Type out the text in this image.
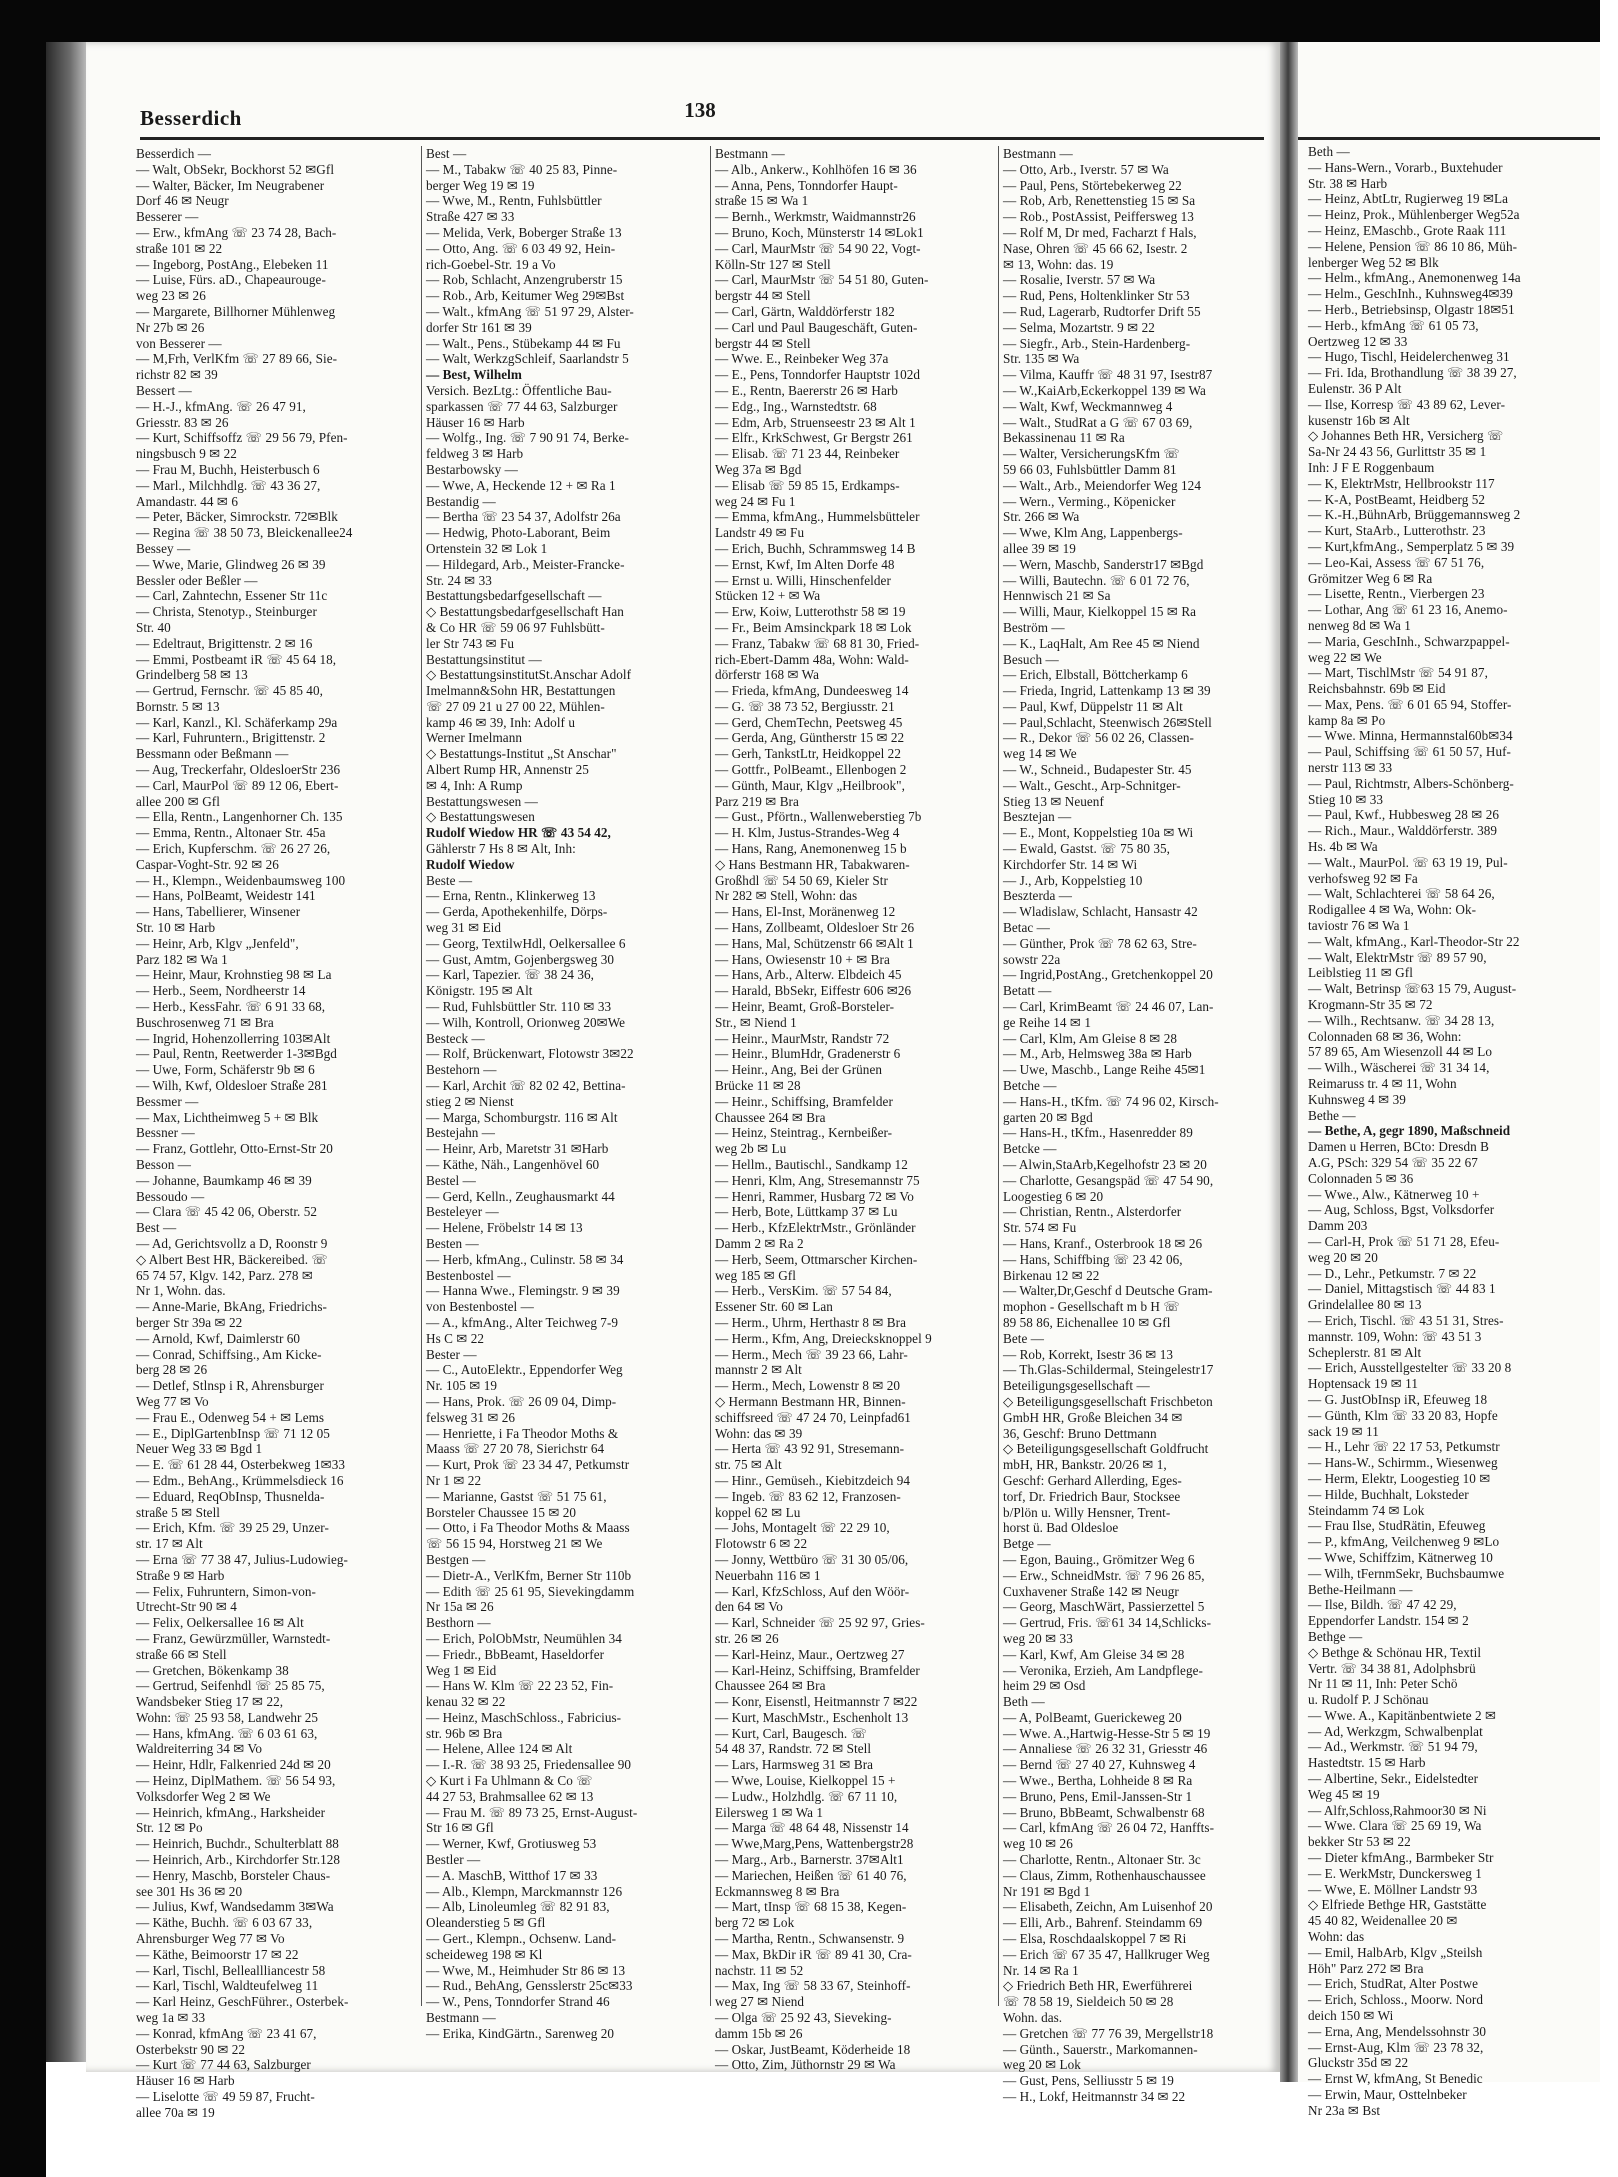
Beth —
— Hans-Wern., Vorarb., Buxtehuder
Str. 38 ✉ Harb
— Heinz, AbtLtr, Rugierweg 19 ✉La
— Heinz, Prok., Mühlenberger Weg52a
— Heinz, EMaschb., Grote Raak 111
— Helene, Pension ☏ 86 10 86, Müh-
lenberger Weg 52 ✉ Blk
— Helm., kfmAng., Anemonenweg 14a
— Helm., GeschInh., Kuhnsweg4✉39
— Herb., Betriebsinsp, Olgastr 18✉51
— Herb., kfmAng ☏ 61 05 73,
Oertzweg 12 ✉ 33
— Hugo, Tischl, Heidelerchenweg 31
— Fri. Ida, Brothandlung ☏ 38 39 27,
Eulenstr. 36 P Alt
— Ilse, Korresp ☏ 43 89 62, Lever-
kusenstr 16b ✉ Alt
◇ Johannes Beth HR, Versicherg ☏
Sa-Nr 24 43 56, Gurlittstr 35 ✉ 1
Inh: J F E Roggenbaum
— K, ElektrMstr, Hellbrookstr 117
— K-A, PostBeamt, Heidberg 52
— K.-H.,BühnArb, Brüggemannsweg 2
— Kurt, StaArb., Lutterothstr. 23
— Kurt,kfmAng., Semperplatz 5 ✉ 39
— Leo-Kai, Assess ☏ 67 51 76,
Grömitzer Weg 6 ✉ Ra
— Lisette, Rentn., Vierbergen 23
— Lothar, Ang ☏ 61 23 16, Anemo-
nenweg 8d ✉ Wa 1
— Maria, GeschInh., Schwarzpappel-
weg 22 ✉ We
— Mart, TischlMstr ☏ 54 91 87,
Reichsbahnstr. 69b ✉ Eid
— Max, Pens. ☏ 6 01 65 94, Stoffer-
kamp 8a ✉ Po
— Wwe. Minna, Hermannstal60b✉34
— Paul, Schiffsing ☏ 61 50 57, Huf-
nerstr 113 ✉ 33
— Paul, Richtmstr, Albers-Schönberg-
Stieg 10 ✉ 33
— Paul, Kwf., Hubbesweg 28 ✉ 26
— Rich., Maur., Walddörferstr. 389
Hs. 4b ✉ Wa
— Walt., MaurPol. ☏ 63 19 19, Pul-
verhofsweg 92 ✉ Fa
— Walt, Schlachterei ☏ 58 64 26,
Rodigallee 4 ✉ Wa, Wohn: Ok-
taviostr 76 ✉ Wa 1
— Walt, kfmAng., Karl-Theodor-Str 22
— Walt, ElektrMstr ☏ 89 57 90,
Leiblstieg 11 ✉ Gfl
— Walt, Betrinsp ☏63 15 79, August-
Krogmann-Str 35 ✉ 72
— Wilh., Rechtsanw. ☏ 34 28 13,
Colonnaden 68 ✉ 36, Wohn:
57 89 65, Am Wiesenzoll 44 ✉ Lo
— Wilh., Wäscherei ☏ 31 34 14,
Reimaruss tr. 4 ✉ 11, Wohn
Kuhnsweg 4 ✉ 39
Bethe —
— Bethe, A, gegr 1890, Maßschneid
Damen u Herren, BCto: Dresdn B
A.G, PSch: 329 54 ☏ 35 22 67
Colonnaden 5 ✉ 36
— Wwe., Alw., Kätnerweg 10 +
— Aug, Schloss, Bgst, Volksdorfer
Damm 203
— Carl-H, Prok ☏ 51 71 28, Efeu-
weg 20 ✉ 20
— D., Lehr., Petkumstr. 7 ✉ 22
— Daniel, Mittagstisch ☏ 44 83 1
Grindelallee 80 ✉ 13
— Erich, Tischl. ☏ 43 51 31, Stres-
mannstr. 109, Wohn: ☏ 43 51 3
Scheplerstr. 81 ✉ Alt
— Erich, Ausstellgestelter ☏ 33 20 8
Hoptensack 19 ✉ 11
— G. JustObInsp iR, Efeuweg 18
— Günth, Klm ☏ 33 20 83, Hopfe
sack 19 ✉ 11
— H., Lehr ☏ 22 17 53, Petkumstr
— Hans-W., Schirmm., Wiesenweg
— Herm, Elektr, Loogestieg 10 ✉
— Hilde, Buchhalt, Loksteder
Steindamm 74 ✉ Lok
— Frau Ilse, StudRätin, Efeuweg
— P., kfmAng, Veilchenweg 9 ✉Lo
— Wwe, Schiffzim, Kätnerweg 10
— Wilh, tFernmSekr, Buchsbaumwe
Bethe-Heilmann —
— Ilse, Bildh. ☏ 47 42 29,
Eppendorfer Landstr. 154 ✉ 2
Bethge —
◇ Bethge & Schönau HR, Textil
Vertr. ☏ 34 38 81, Adolphsbrü
Nr 11 ✉ 11, Inh: Peter Schö
u. Rudolf P. J Schönau
— Wwe. A., Kapitänbentwiete 2 ✉
— Ad, Werkzgm, Schwalbenplat
— Ad., Werkmstr. ☏ 51 94 79,
Hastedtstr. 15 ✉ Harb
— Albertine, Sekr., Eidelstedter
Weg 45 ✉ 19
— Alfr,Schloss,Rahmoor30 ✉ Ni
— Wwe. Clara ☏ 25 69 19, Wa
bekker Str 53 ✉ 22
— Dieter kfmAng., Barmbeker Str
— E. WerkMstr, Dunckersweg 1
— Wwe, E. Möllner Landstr 93
◇ Elfriede Bethge HR, Gaststätte
45 40 82, Weidenallee 20 ✉
Wohn: das
— Emil, HalbArb, Klgv „Steilsh
Höh" Parz 272 ✉ Bra
— Erich, StudRat, Alter Postwe
— Erich, Schloss., Moorw. Nord
deich 150 ✉ Wi
— Erna, Ang, Mendelssohnstr 30
— Ernst-Aug, Klm ☏ 23 78 32,
Gluckstr 35d ✉ 22
— Ernst W, kfmAng, St Benedic
— Erwin, Maur, Osttelnbeker
Nr 23a ✉ Bst
Besserdich	138
Besserdich —
— Walt, ObSekr, Bockhorst 52 ✉Gfl
— Walter, Bäcker, Im Neugrabener
Dorf 46 ✉ Neugr
Besserer —
— Erw., kfmAng ☏ 23 74 28, Bach-
straße 101 ✉ 22
— Ingeborg, PostAng., Elebeken 11
— Luise, Fürs. aD., Chapeaurouge-
weg 23 ✉ 26
— Margarete, Billhorner Mühlenweg
Nr 27b ✉ 26
von Besserer —
— M,Frh, VerlKfm ☏ 27 89 66, Sie-
richstr 82 ✉ 39
Bessert —
— H.-J., kfmAng. ☏ 26 47 91,
Griesstr. 83 ✉ 26
— Kurt, Schiffsoffz ☏ 29 56 79, Pfen-
ningsbusch 9 ✉ 22
— Frau M, Buchh, Heisterbusch 6
— Marl., Milchhdlg. ☏ 43 36 27,
Amandastr. 44 ✉ 6
— Peter, Bäcker, Simrockstr. 72✉Blk
— Regina ☏ 38 50 73, Bleickenallee24
Bessey —
— Wwe, Marie, Glindweg 26 ✉ 39
Bessler oder Beßler —
— Carl, Zahntechn, Essener Str 11c
— Christa, Stenotyp., Steinburger
Str. 40
— Edeltraut, Brigittenstr. 2 ✉ 16
— Emmi, Postbeamt iR ☏ 45 64 18,
Grindelberg 58 ✉ 13
— Gertrud, Fernschr. ☏ 45 85 40,
Bornstr. 5 ✉ 13
— Karl, Kanzl., Kl. Schäferkamp 29a
— Karl, Fuhruntern., Brigittenstr. 2
Bessmann oder Beßmann —
— Aug, Treckerfahr, OldesloerStr 236
— Carl, MaurPol ☏ 89 12 06, Ebert-
allee 200 ✉ Gfl
— Ella, Rentn., Langenhorner Ch. 135
— Emma, Rentn., Altonaer Str. 45a
— Erich, Kupferschm. ☏ 26 27 26,
Caspar-Voght-Str. 92 ✉ 26
— H., Klempn., Weidenbaumsweg 100
— Hans, PolBeamt, Weidestr 141
— Hans, Tabellierer, Winsener
Str. 10 ✉ Harb
— Heinr, Arb, Klgv „Jenfeld",
Parz 182 ✉ Wa 1
— Heinr, Maur, Krohnstieg 98 ✉ La
— Herb., Seem, Nordheerstr 14
— Herb., KessFahr. ☏ 6 91 33 68,
Buschrosenweg 71 ✉ Bra
— Ingrid, Hohenzollerring 103✉Alt
— Paul, Rentn, Reetwerder 1-3✉Bgd
— Uwe, Form, Schäferstr 9b ✉ 6
— Wilh, Kwf, Oldesloer Straße 281
Bessmer —
— Max, Lichtheimweg 5 + ✉ Blk
Bessner —
— Franz, Gottlehr, Otto-Ernst-Str 20
Besson —
— Johanne, Baumkamp 46 ✉ 39
Bessoudo —
— Clara ☏ 45 42 06, Oberstr. 52
Best —
— Ad, Gerichtsvollz a D, Roonstr 9
◇ Albert Best HR, Bäckereibed. ☏
65 74 57, Klgv. 142, Parz. 278 ✉
Nr 1, Wohn. das.
— Anne-Marie, BkAng, Friedrichs-
berger Str 39a ✉ 22
— Arnold, Kwf, Daimlerstr 60
— Conrad, Schiffsing., Am Kicke-
berg 28 ✉ 26
— Detlef, Stlnsp i R, Ahrensburger
Weg 77 ✉ Vo
— Frau E., Odenweg 54 + ✉ Lems
— E., DiplGartenbInsp ☏ 71 12 05
Neuer Weg 33 ✉ Bgd 1
— E. ☏ 61 28 44, Osterbekweg 1✉33
— Edm., BehAng., Krümmelsdieck 16
— Eduard, ReqObInsp, Thusnelda-
straße 5 ✉ Stell
— Erich, Kfm. ☏ 39 25 29, Unzer-
str. 17 ✉ Alt
— Erna ☏ 77 38 47, Julius-Ludowieg-
Straße 9 ✉ Harb
— Felix, Fuhruntern, Simon-von-
Utrecht-Str 90 ✉ 4
— Felix, Oelkersallee 16 ✉ Alt
— Franz, Gewürzmüller, Warnstedt-
straße 66 ✉ Stell
— Gretchen, Bökenkamp 38
— Gertrud, Seifenhdl ☏ 25 85 75,
Wandsbeker Stieg 17 ✉ 22,
Wohn: ☏ 25 93 58, Landwehr 25
— Hans, kfmAng. ☏ 6 03 61 63,
Waldreiterring 34 ✉ Vo
— Heinr, Hdlr, Falkenried 24d ✉ 20
— Heinz, DiplMathem. ☏ 56 54 93,
Volksdorfer Weg 2 ✉ We
— Heinrich, kfmAng., Harksheider
Str. 12 ✉ Po
— Heinrich, Buchdr., Schulterblatt 88
— Heinrich, Arb., Kirchdorfer Str.128
— Henry, Maschb, Borsteler Chaus-
see 301 Hs 36 ✉ 20
— Julius, Kwf, Wandsedamm 3✉Wa
— Käthe, Buchh. ☏ 6 03 67 33,
Ahrensburger Weg 77 ✉ Vo
— Käthe, Beimoorstr 17 ✉ 22
— Karl, Tischl, Belleallliancestr 58
— Karl, Tischl, Waldteufelweg 11
— Karl Heinz, GeschFührer., Osterbek-
weg 1a ✉ 33
— Konrad, kfmAng ☏ 23 41 67,
Osterbekstr 90 ✉ 22
— Kurt ☏ 77 44 63, Salzburger
Häuser 16 ✉ Harb
— Liselotte ☏ 49 59 87, Frucht-
allee 70a ✉ 19
Best —
— M., Tabakw ☏ 40 25 83, Pinne-
berger Weg 19 ✉ 19
— Wwe, M., Rentn, Fuhlsbüttler
Straße 427 ✉ 33
— Melida, Verk, Boberger Straße 13
— Otto, Ang. ☏ 6 03 49 92, Hein-
rich-Goebel-Str. 19 a Vo
— Rob, Schlacht, Anzengruberstr 15
— Rob., Arb, Keitumer Weg 29✉Bst
— Walt., kfmAng ☏ 51 97 29, Alster-
dorfer Str 161 ✉ 39
— Walt., Pens., Stübekamp 44 ✉ Fu
— Walt, WerkzgSchleif, Saarlandstr 5
— Best, Wilhelm
Versich. BezLtg.: Öffentliche Bau-
sparkassen ☏ 77 44 63, Salzburger
Häuser 16 ✉ Harb
— Wolfg., Ing. ☏ 7 90 91 74, Berke-
feldweg 3 ✉ Harb
Bestarbowsky —
— Wwe, A, Heckende 12 + ✉ Ra 1
Bestandig —
— Bertha ☏ 23 54 37, Adolfstr 26a
— Hedwig, Photo-Laborant, Beim
Ortenstein 32 ✉ Lok 1
— Hildegard, Arb., Meister-Francke-
Str. 24 ✉ 33
Bestattungsbedarfgesellschaft —
◇ Bestattungsbedarfgesellschaft Han
& Co HR ☏ 59 06 97 Fuhlsbütt-
ler Str 743 ✉ Fu
Bestattungsinstitut —
◇ BestattungsinstitutSt.Anschar Adolf
Imelmann&Sohn HR, Bestattungen
☏ 27 09 21 u 27 00 22, Mühlen-
kamp 46 ✉ 39, Inh: Adolf u
Werner Imelmann
◇ Bestattungs-Institut „St Anschar"
Albert Rump HR, Annenstr 25
✉ 4, Inh: A Rump
Bestattungswesen —
◇ Bestattungswesen
Rudolf Wiedow HR ☏ 43 54 42,
Gählerstr 7 Hs 8 ✉ Alt, Inh:
Rudolf Wiedow
Beste —
— Erna, Rentn., Klinkerweg 13
— Gerda, Apothekenhilfe, Dörps-
weg 31 ✉ Eid
— Georg, TextilwHdl, Oelkersallee 6
— Gust, Amtm, Gojenbergsweg 30
— Karl, Tapezier. ☏ 38 24 36,
Königstr. 195 ✉ Alt
— Rud, Fuhlsbüttler Str. 110 ✉ 33
— Wilh, Kontroll, Orionweg 20✉We
Besteck —
— Rolf, Brückenwart, Flotowstr 3✉22
Bestehorn —
— Karl, Archit ☏ 82 02 42, Bettina-
stieg 2 ✉ Nienst
— Marga, Schomburgstr. 116 ✉ Alt
Bestejahn —
— Heinr, Arb, Maretstr 31 ✉Harb
— Käthe, Näh., Langenhövel 60
Bestel —
— Gerd, Kelln., Zeughausmarkt 44
Besteleyer —
— Helene, Fröbelstr 14 ✉ 13
Besten —
— Herb, kfmAng., Culinstr. 58 ✉ 34
Bestenbostel —
— Hanna Wwe., Flemingstr. 9 ✉ 39
von Bestenbostel —
— A., kfmAng., Alter Teichweg 7-9
Hs C ✉ 22
Bester —
— C., AutoElektr., Eppendorfer Weg
Nr. 105 ✉ 19
— Hans, Prok. ☏ 26 09 04, Dimp-
felsweg 31 ✉ 26
— Henriette, i Fa Theodor Moths &
Maass ☏ 27 20 78, Sierichstr 64
— Kurt, Prok ☏ 23 34 47, Petkumstr
Nr 1 ✉ 22
— Marianne, Gastst ☏ 51 75 61,
Borsteler Chaussee 15 ✉ 20
— Otto, i Fa Theodor Moths & Maass
☏ 56 15 94, Horstweg 21 ✉ We
Bestgen —
— Dietr-A., VerlKfm, Berner Str 110b
— Edith ☏ 25 61 95, Sievekingdamm
Nr 15a ✉ 26
Besthorn —
— Erich, PolObMstr, Neumühlen 34
— Friedr., BbBeamt, Haseldorfer
Weg 1 ✉ Eid
— Hans W. Klm ☏ 22 23 52, Fin-
kenau 32 ✉ 22
— Heinz, MaschSchloss., Fabricius-
str. 96b ✉ Bra
— Helene, Allee 124 ✉ Alt
— I.-R. ☏ 38 93 25, Friedensallee 90
◇ Kurt i Fa Uhlmann & Co ☏
44 27 53, Brahmsallee 62 ✉ 13
— Frau M. ☏ 89 73 25, Ernst-August-
Str 16 ✉ Gfl
— Werner, Kwf, Grotiusweg 53
Bestler —
— A. MaschB, Witthof 17 ✉ 33
— Alb., Klempn, Marckmannstr 126
— Alb, Linoleumleg ☏ 82 91 83,
Oleanderstieg 5 ✉ Gfl
— Gert., Klempn., Ochsenw. Land-
scheideweg 198 ✉ Kl
— Wwe, M., Heimhuder Str 86 ✉ 13
— Rud., BehAng, Gensslerstr 25c✉33
— W., Pens, Tonndorfer Strand 46
Bestmann —
— Erika, KindGärtn., Sarenweg 20
Bestmann —
— Alb., Ankerw., Kohlhöfen 16 ✉ 36
— Anna, Pens, Tonndorfer Haupt-
straße 15 ✉ Wa 1
— Bernh., Werkmstr, Waidmannstr26
— Bruno, Koch, Münsterstr 14 ✉Lok1
— Carl, MaurMstr ☏ 54 90 22, Vogt-
Kölln-Str 127 ✉ Stell
— Carl, MaurMstr ☏ 54 51 80, Guten-
bergstr 44 ✉ Stell
— Carl, Gärtn, Walddörferstr 182
— Carl und Paul Baugeschäft, Guten-
bergstr 44 ✉ Stell
— Wwe. E., Reinbeker Weg 37a
— E., Pens, Tonndorfer Hauptstr 102d
— E., Rentn, Baererstr 26 ✉ Harb
— Edg., Ing., Warnstedtstr. 68
— Edm, Arb, Struenseestr 23 ✉ Alt 1
— Elfr., KrkSchwest, Gr Bergstr 261
— Elisab. ☏ 71 23 44, Reinbeker
Weg 37a ✉ Bgd
— Elisab ☏ 59 85 15, Erdkamps-
weg 24 ✉ Fu 1
— Emma, kfmAng., Hummelsbütteler
Landstr 49 ✉ Fu
— Erich, Buchh, Schrammsweg 14 B
— Ernst, Kwf, Im Alten Dorfe 48
— Ernst u. Willi, Hinschenfelder
Stücken 12 + ✉ Wa
— Erw, Koiw, Lutterothstr 58 ✉ 19
— Fr., Beim Amsinckpark 18 ✉ Lok
— Franz, Tabakw ☏ 68 81 30, Fried-
rich-Ebert-Damm 48a, Wohn: Wald-
dörferstr 168 ✉ Wa
— Frieda, kfmAng, Dundeesweg 14
— G. ☏ 38 73 52, Bergiusstr. 21
— Gerd, ChemTechn, Peetsweg 45
— Gerda, Ang, Güntherstr 15 ✉ 22
— Gerh, TankstLtr, Heidkoppel 22
— Gottfr., PolBeamt., Ellenbogen 2
— Günth, Maur, Klgv „Heilbrook",
Parz 219 ✉ Bra
— Gust., Pförtn., Wallenweberstieg 7b
— H. Klm, Justus-Strandes-Weg 4
— Hans, Rang, Anemonenweg 15 b
◇ Hans Bestmann HR, Tabakwaren-
Großhdl ☏ 54 50 69, Kieler Str
Nr 282 ✉ Stell, Wohn: das
— Hans, El-Inst, Moränenweg 12
— Hans, Zollbeamt, Oldesloer Str 26
— Hans, Mal, Schützenstr 66 ✉Alt 1
— Hans, Owiesenstr 10 + ✉ Bra
— Hans, Arb., Alterw. Elbdeich 45
— Harald, BbSekr, Eiffestr 606 ✉26
— Heinr, Beamt, Groß-Borsteler-
Str., ✉ Niend 1
— Heinr., MaurMstr, Randstr 72
— Heinr., BlumHdr, Gradenerstr 6
— Heinr., Ang, Bei der Grünen
Brücke 11 ✉ 28
— Heinr., Schiffsing, Bramfelder
Chaussee 264 ✉ Bra
— Heinz, Steintrag., Kernbeißer-
weg 2b ✉ Lu
— Hellm., Bautischl., Sandkamp 12
— Henri, Klm, Ang, Stresemannstr 75
— Henri, Rammer, Husbarg 72 ✉ Vo
— Herb, Bote, Lüttkamp 37 ✉ Lu
— Herb., KfzElektrMstr., Grönländer
Damm 2 ✉ Ra 2
— Herb, Seem, Ottmarscher Kirchen-
weg 185 ✉ Gfl
— Herb., VersKim. ☏ 57 54 84,
Essener Str. 60 ✉ Lan
— Herm., Uhrm, Herthastr 8 ✉ Bra
— Herm., Kfm, Ang, Dreiecksknoppel 9
— Herm., Mech ☏ 39 23 66, Lahr-
mannstr 2 ✉ Alt
— Herm., Mech, Lowenstr 8 ✉ 20
◇ Hermann Bestmann HR, Binnen-
schiffsreed ☏ 47 24 70, Leinpfad61
Wohn: das ✉ 39
— Herta ☏ 43 92 91, Stresemann-
str. 75 ✉ Alt
— Hinr., Gemüseh., Kiebitzdeich 94
— Ingeb. ☏ 83 62 12, Franzosen-
koppel 62 ✉ Lu
— Johs, Montagelt ☏ 22 29 10,
Flotowstr 6 ✉ 22
— Jonny, Wettbüro ☏ 31 30 05/06,
Neuerbahn 116 ✉ 1
— Karl, KfzSchloss, Auf den Wöör-
den 64 ✉ Vo
— Karl, Schneider ☏ 25 92 97, Gries-
str. 26 ✉ 26
— Karl-Heinz, Maur., Oertzweg 27
— Karl-Heinz, Schiffsing, Bramfelder
Chaussee 264 ✉ Bra
— Konr, Eisenstl, Heitmannstr 7 ✉22
— Kurt, MaschMstr., Eschenholt 13
— Kurt, Carl, Baugesch. ☏
54 48 37, Randstr. 72 ✉ Stell
— Lars, Harmsweg 31 ✉ Bra
— Wwe, Louise, Kielkoppel 15 +
— Ludw., Holzhdlg. ☏ 67 11 10,
Eilersweg 1 ✉ Wa 1
— Marga ☏ 48 64 48, Nissenstr 14
— Wwe,Marg,Pens, Wattenbergstr28
— Marg., Arb., Barnerstr. 37✉Alt1
— Mariechen, Heißen ☏ 61 40 76,
Eckmannsweg 8 ✉ Bra
— Mart, tInsp ☏ 68 15 38, Kegen-
berg 72 ✉ Lok
— Martha, Rentn., Schwansenstr. 9
— Max, BkDir iR ☏ 89 41 30, Cra-
nachstr. 11 ✉ 52
— Max, Ing ☏ 58 33 67, Steinhoff-
weg 27 ✉ Niend
— Olga ☏ 25 92 43, Sieveking-
damm 15b ✉ 26
— Oskar, JustBeamt, Köderheide 18
— Otto, Zim, Jüthornstr 29 ✉ Wa
Bestmann —
— Otto, Arb., Iverstr. 57 ✉ Wa
— Paul, Pens, Störtebekerweg 22
— Rob, Arb, Renettenstieg 15 ✉ Sa
— Rob., PostAssist, Peiffersweg 13
— Rolf M, Dr med, Facharzt f Hals,
Nase, Ohren ☏ 45 66 62, Isestr. 2
✉ 13, Wohn: das. 19
— Rosalie, Iverstr. 57 ✉ Wa
— Rud, Pens, Holtenklinker Str 53
— Rud, Lagerarb, Rudtorfer Drift 55
— Selma, Mozartstr. 9 ✉ 22
— Siegfr., Arb., Stein-Hardenberg-
Str. 135 ✉ Wa
— Vilma, Kauffr ☏ 48 31 97, Isestr87
— W.,KaiArb,Eckerkoppel 139 ✉ Wa
— Walt, Kwf, Weckmannweg 4
— Walt., StudRat a G ☏ 67 03 69,
Bekassinenau 11 ✉ Ra
— Walter, VersicherungsKfm ☏
59 66 03, Fuhlsbüttler Damm 81
— Walt., Arb., Meiendorfer Weg 124
— Wern., Verming., Köpenicker
Str. 266 ✉ Wa
— Wwe, Klm Ang, Lappenbergs-
allee 39 ✉ 19
— Wern, Maschb, Sanderstr17 ✉Bgd
— Willi, Bautechn. ☏ 6 01 72 76,
Hennwisch 21 ✉ Sa
— Willi, Maur, Kielkoppel 15 ✉ Ra
Beström —
— K., LaqHalt, Am Ree 45 ✉ Niend
Besuch —
— Erich, Elbstall, Böttcherkamp 6
— Frieda, Ingrid, Lattenkamp 13 ✉ 39
— Paul, Kwf, Düppelstr 11 ✉ Alt
— Paul,Schlacht, Steenwisch 26✉Stell
— R., Dekor ☏ 56 02 26, Classen-
weg 14 ✉ We
— W., Schneid., Budapester Str. 45
— Walt., Gescht., Arp-Schnitger-
Stieg 13 ✉ Neuenf
Besztejan —
— E., Mont, Koppelstieg 10a ✉ Wi
— Ewald, Gastst. ☏ 75 80 35,
Kirchdorfer Str. 14 ✉ Wi
— J., Arb, Koppelstieg 10
Beszterda —
— Wladislaw, Schlacht, Hansastr 42
Betac —
— Günther, Prok ☏ 78 62 63, Stre-
sowstr 22a
— Ingrid,PostAng., Gretchenkoppel 20
Betatt —
— Carl, KrimBeamt ☏ 24 46 07, Lan-
ge Reihe 14 ✉ 1
— Carl, Klm, Am Gleise 8 ✉ 28
— M., Arb, Helmsweg 38a ✉ Harb
— Uwe, Maschb., Lange Reihe 45✉1
Betche —
— Hans-H., tKfm. ☏ 74 96 02, Kirsch-
garten 20 ✉ Bgd
— Hans-H., tKfm., Hasenredder 89
Betcke —
— Alwin,StaArb,Kegelhofstr 23 ✉ 20
— Charlotte, Gesangspäd ☏ 47 54 90,
Loogestieg 6 ✉ 20
— Christian, Rentn., Alsterdorfer
Str. 574 ✉ Fu
— Hans, Kranf., Osterbrook 18 ✉ 26
— Hans, Schiffbing ☏ 23 42 06,
Birkenau 12 ✉ 22
— Walter,Dr,Geschf d Deutsche Gram-
mophon - Gesellschaft m b H ☏
89 58 86, Eichenallee 10 ✉ Gfl
Bete —
— Rob, Korrekt, Isestr 36 ✉ 13
— Th.Glas-Schildermal, Steingelestr17
Beteiligungsgesellschaft —
◇ Beteiligungsgesellschaft Frischbeton
GmbH HR, Große Bleichen 34 ✉
36, Geschf: Bruno Dettmann
◇ Beteiligungsgesellschaft Goldfrucht
mbH, HR, Bankstr. 20/26 ✉ 1,
Geschf: Gerhard Allerding, Eges-
torf, Dr. Friedrich Baur, Stocksee
b/Plön u. Willy Hensner, Trent-
horst ü. Bad Oldesloe
Betge —
— Egon, Bauing., Grömitzer Weg 6
— Erw., SchneidMstr. ☏ 7 96 26 85,
Cuxhavener Straße 142 ✉ Neugr
— Georg, MaschWärt, Passierzettel 5
— Gertrud, Fris. ☏61 34 14,Schlicks-
weg 20 ✉ 33
— Karl, Kwf, Am Gleise 34 ✉ 28
— Veronika, Erzieh, Am Landpflege-
heim 29 ✉ Osd
Beth —
— A, PolBeamt, Guerickeweg 20
— Wwe. A.,Hartwig-Hesse-Str 5 ✉ 19
— Annaliese ☏ 26 32 31, Griesstr 46
— Bernd ☏ 27 40 27, Kuhnsweg 4
— Wwe., Bertha, Lohheide 8 ✉ Ra
— Bruno, Pens, Emil-Janssen-Str 1
— Bruno, BbBeamt, Schwalbenstr 68
— Carl, kfmAng ☏ 26 04 72, Hanffts-
weg 10 ✉ 26
— Charlotte, Rentn., Altonaer Str. 3c
— Claus, Zimm, Rothenhauschaussee
Nr 191 ✉ Bgd 1
— Elisabeth, Zeichn, Am Luisenhof 20
— Elli, Arb., Bahrenf. Steindamm 69
— Elsa, Roschdaalskoppel 7 ✉ Ri
— Erich ☏ 67 35 47, Hallkruger Weg
Nr. 14 ✉ Ra 1
◇ Friedrich Beth HR, Ewerführerei
☏ 78 58 19, Sieldeich 50 ✉ 28
Wohn. das.
— Gretchen ☏ 77 76 39, Mergellstr18
— Günth., Sauerstr., Markomannen-
weg 20 ✉ Lok
— Gust, Pens, Selliusstr 5 ✉ 19
— H., Lokf, Heitmannstr 34 ✉ 22
